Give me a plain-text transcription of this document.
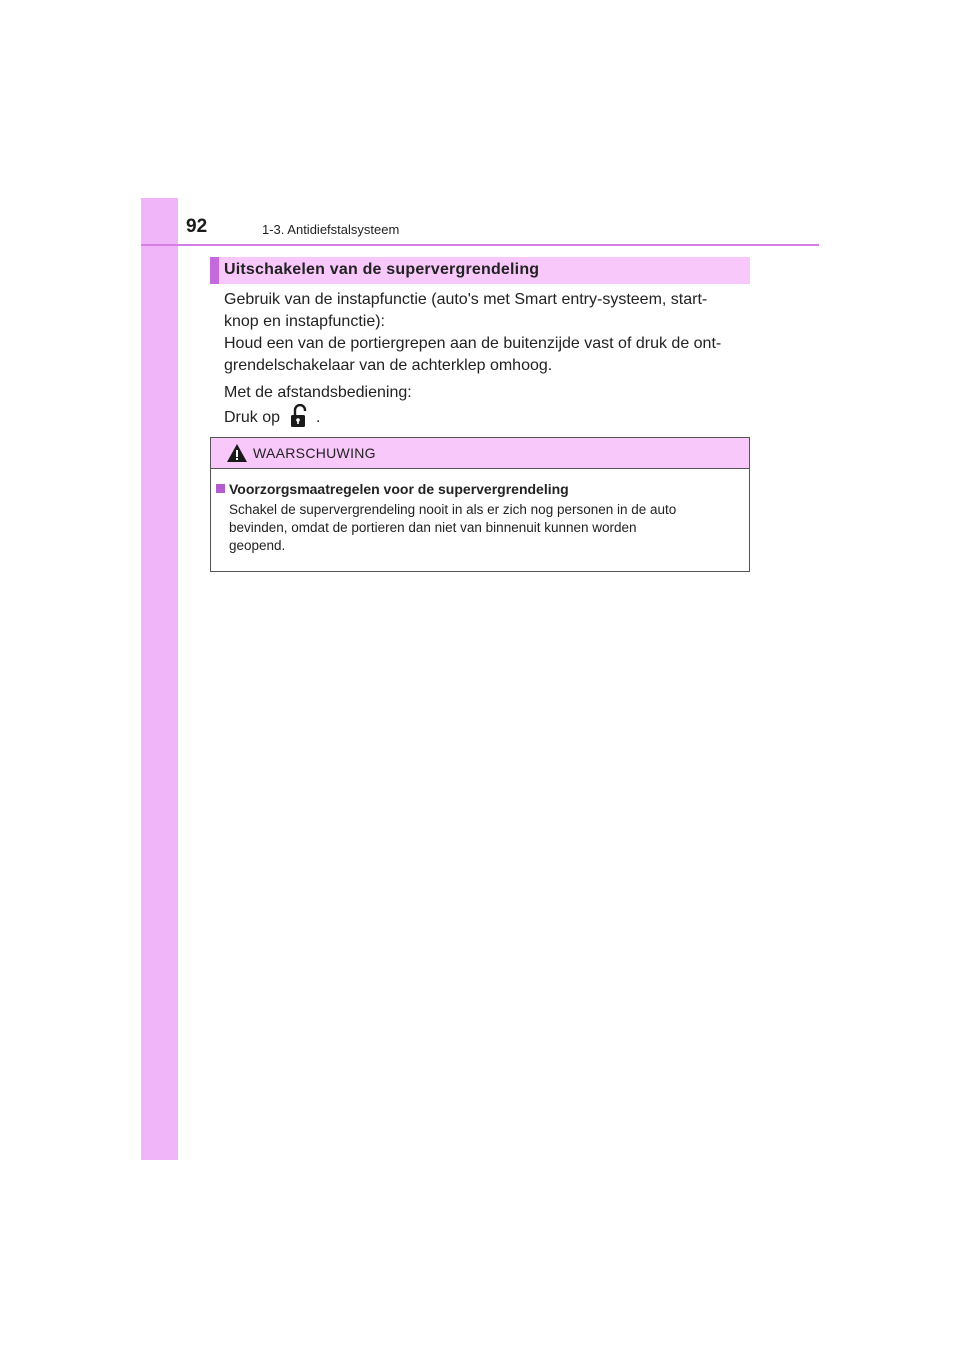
92	1-3. Antidiefstalsysteem
Uitschakelen van de supervergrendeling

Gebruik van de instapfunctie (auto's met Smart entry-systeem, start-

knop en instapfunctie):

Houd een van de portiergrepen aan de buitenzijde vast of druk de ont-

grendelschakelaar van de achterklep omhoog.

Met de afstandsbediening:

Druk op .

WAARSCHUWING
Voorzorgsmaatregelen voor de supervergrendeling
Schakel de supervergrendeling nooit in als er zich nog personen in de auto
bevinden, omdat de portieren dan niet van binnenuit kunnen worden
geopend.
